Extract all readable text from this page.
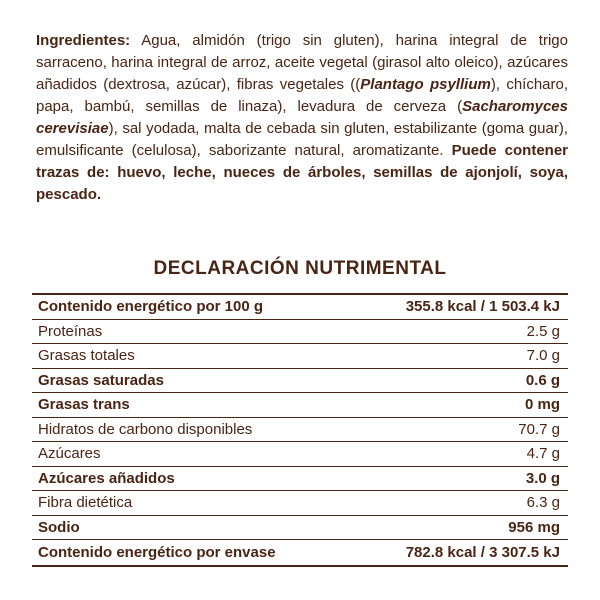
Ingredientes: Agua, almidón (trigo sin gluten), harina integral de trigo sarraceno, harina integral de arroz, aceite vegetal (girasol alto oleico), azúcares añadidos (dextrosa, azúcar), fibras vegetales ((Plantago psyllium), chícharo, papa, bambú, semillas de linaza), levadura de cerveza (Sacharomyces cerevisiae), sal yodada, malta de cebada sin gluten, estabilizante (goma guar), emulsificante (celulosa), saborizante natural, aromatizante. Puede contener trazas de: huevo, leche, nueces de árboles, semillas de ajonjolí, soya, pescado.

DECLARACIÓN NUTRIMENTAL
Contenido energético por 100 g	355.8 kcal / 1 503.4 kJ
Proteínas	2.5 g
Grasas totales	7.0 g
Grasas saturadas	0.6 g
Grasas trans	0 mg
Hidratos de carbono disponibles	70.7 g
Azúcares	4.7 g
Azúcares añadidos	3.0 g
Fibra dietética	6.3 g
Sodio	956 mg
Contenido energético por envase	782.8 kcal / 3 307.5 kJ
